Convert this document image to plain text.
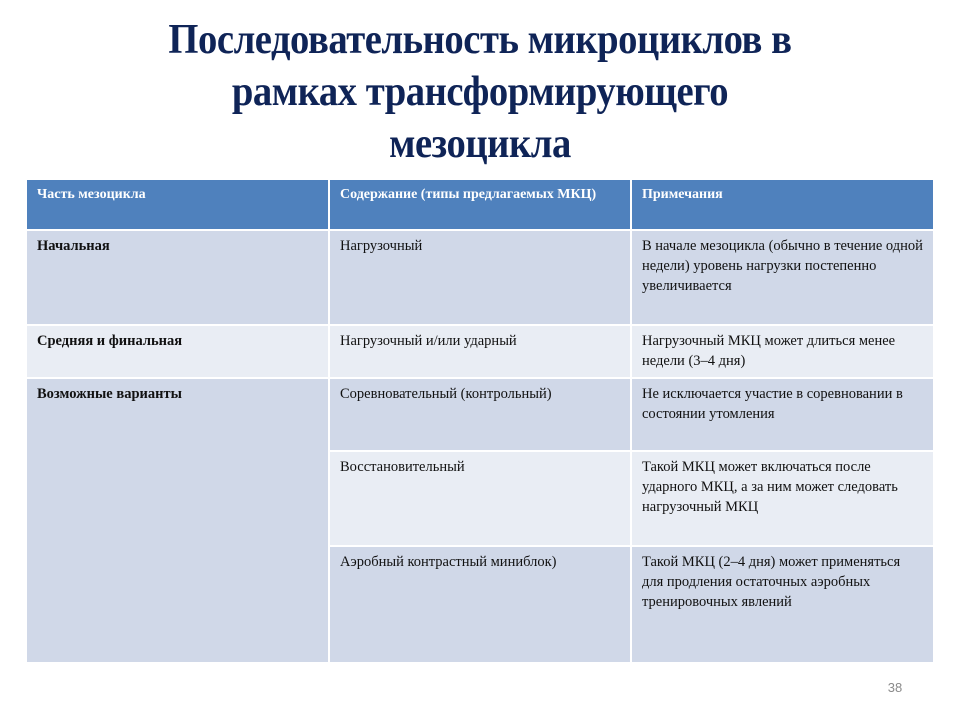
Последовательность микроциклов в
рамках трансформирующего
мезоцикла
Часть мезоцикла	Содержание (типы предлагаемых МКЦ)	Примечания
Начальная	Нагрузочный	В начале мезоцикла (обычно в течение одной недели) уровень нагрузки постепенно увеличивается
Средняя и финальная	Нагрузочный и/или ударный	Нагрузочный МКЦ может длиться менее недели (3–4 дня)
Возможные варианты	Соревновательный (контрольный)	Не исключается участие в соревновании в состоянии утомления
Восстановительный	Такой МКЦ может включаться после ударного МКЦ, а за ним может следовать нагрузочный МКЦ
Аэробный контрастный миниблок)	Такой МКЦ (2–4 дня) может применяться для продления остаточных аэробных тренировочных явлений
38
